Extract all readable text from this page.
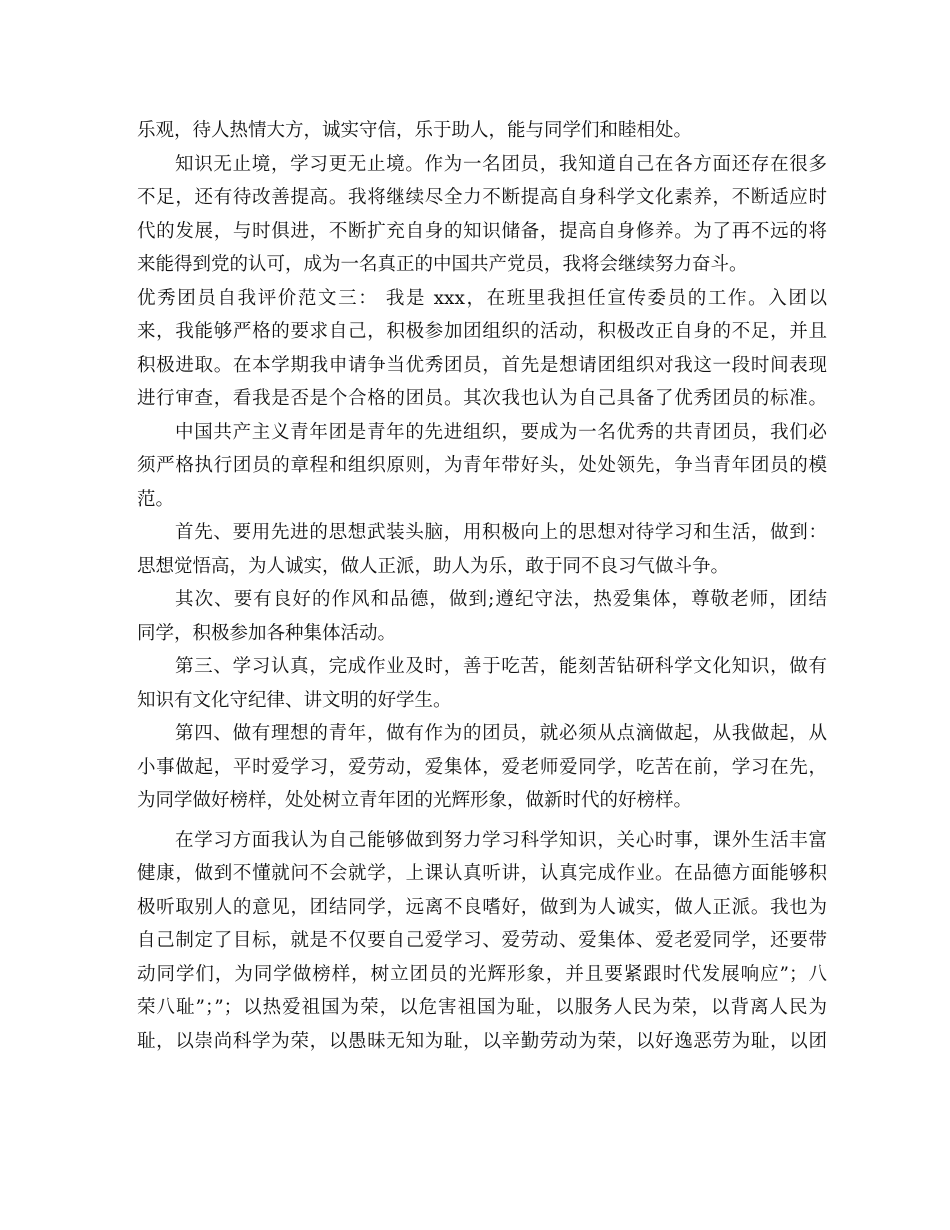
乐观，待人热情大方，诚实守信，乐于助人，能与同学们和睦相处。
知识无止境，学习更无止境。作为一名团员，我知道自己在各方面还存在很多
不足，还有待改善提高。我将继续尽全力不断提高自身科学文化素养，不断适应时
代的发展，与时俱进，不断扩充自身的知识储备，提高自身修养。为了再不远的将
来能得到党的认可，成为一名真正的中国共产党员，我将会继续努力奋斗。
优秀团员自我评价范文三： 我是 xxx，在班里我担任宣传委员的工作。入团以
来，我能够严格的要求自己，积极参加团组织的活动，积极改正自身的不足，并且
积极进取。在本学期我申请争当优秀团员，首先是想请团组织对我这一段时间表现
进行审查，看我是否是个合格的团员。其次我也认为自己具备了优秀团员的标准。
中国共产主义青年团是青年的先进组织，要成为一名优秀的共青团员，我们必
须严格执行团员的章程和组织原则，为青年带好头，处处领先，争当青年团员的模
范。
首先、要用先进的思想武装头脑，用积极向上的思想对待学习和生活，做到：
思想觉悟高，为人诚实，做人正派，助人为乐，敢于同不良习气做斗争。
其次、要有良好的作风和品德，做到;遵纪守法，热爱集体，尊敬老师，团结
同学，积极参加各种集体活动。
第三、学习认真，完成作业及时，善于吃苦，能刻苦钻研科学文化知识，做有
知识有文化守纪律、讲文明的好学生。
第四、做有理想的青年，做有作为的团员，就必须从点滴做起，从我做起，从
小事做起，平时爱学习，爱劳动，爱集体，爱老师爱同学，吃苦在前，学习在先，
为同学做好榜样，处处树立青年团的光辉形象，做新时代的好榜样。
在学习方面我认为自己能够做到努力学习科学知识，关心时事，课外生活丰富
健康，做到不懂就问不会就学，上课认真听讲，认真完成作业。在品德方面能够积
极听取别人的意见，团结同学，远离不良嗜好，做到为人诚实，做人正派。我也为
自己制定了目标，就是不仅要自己爱学习、爱劳动、爱集体、爱老爱同学，还要带
动同学们，为同学做榜样，树立团员的光辉形象，并且要紧跟时代发展响应”；八
荣八耻”；”；以热爱祖国为荣，以危害祖国为耻，以服务人民为荣，以背离人民为
耻，以崇尚科学为荣，以愚昧无知为耻，以辛勤劳动为荣，以好逸恶劳为耻，以团
